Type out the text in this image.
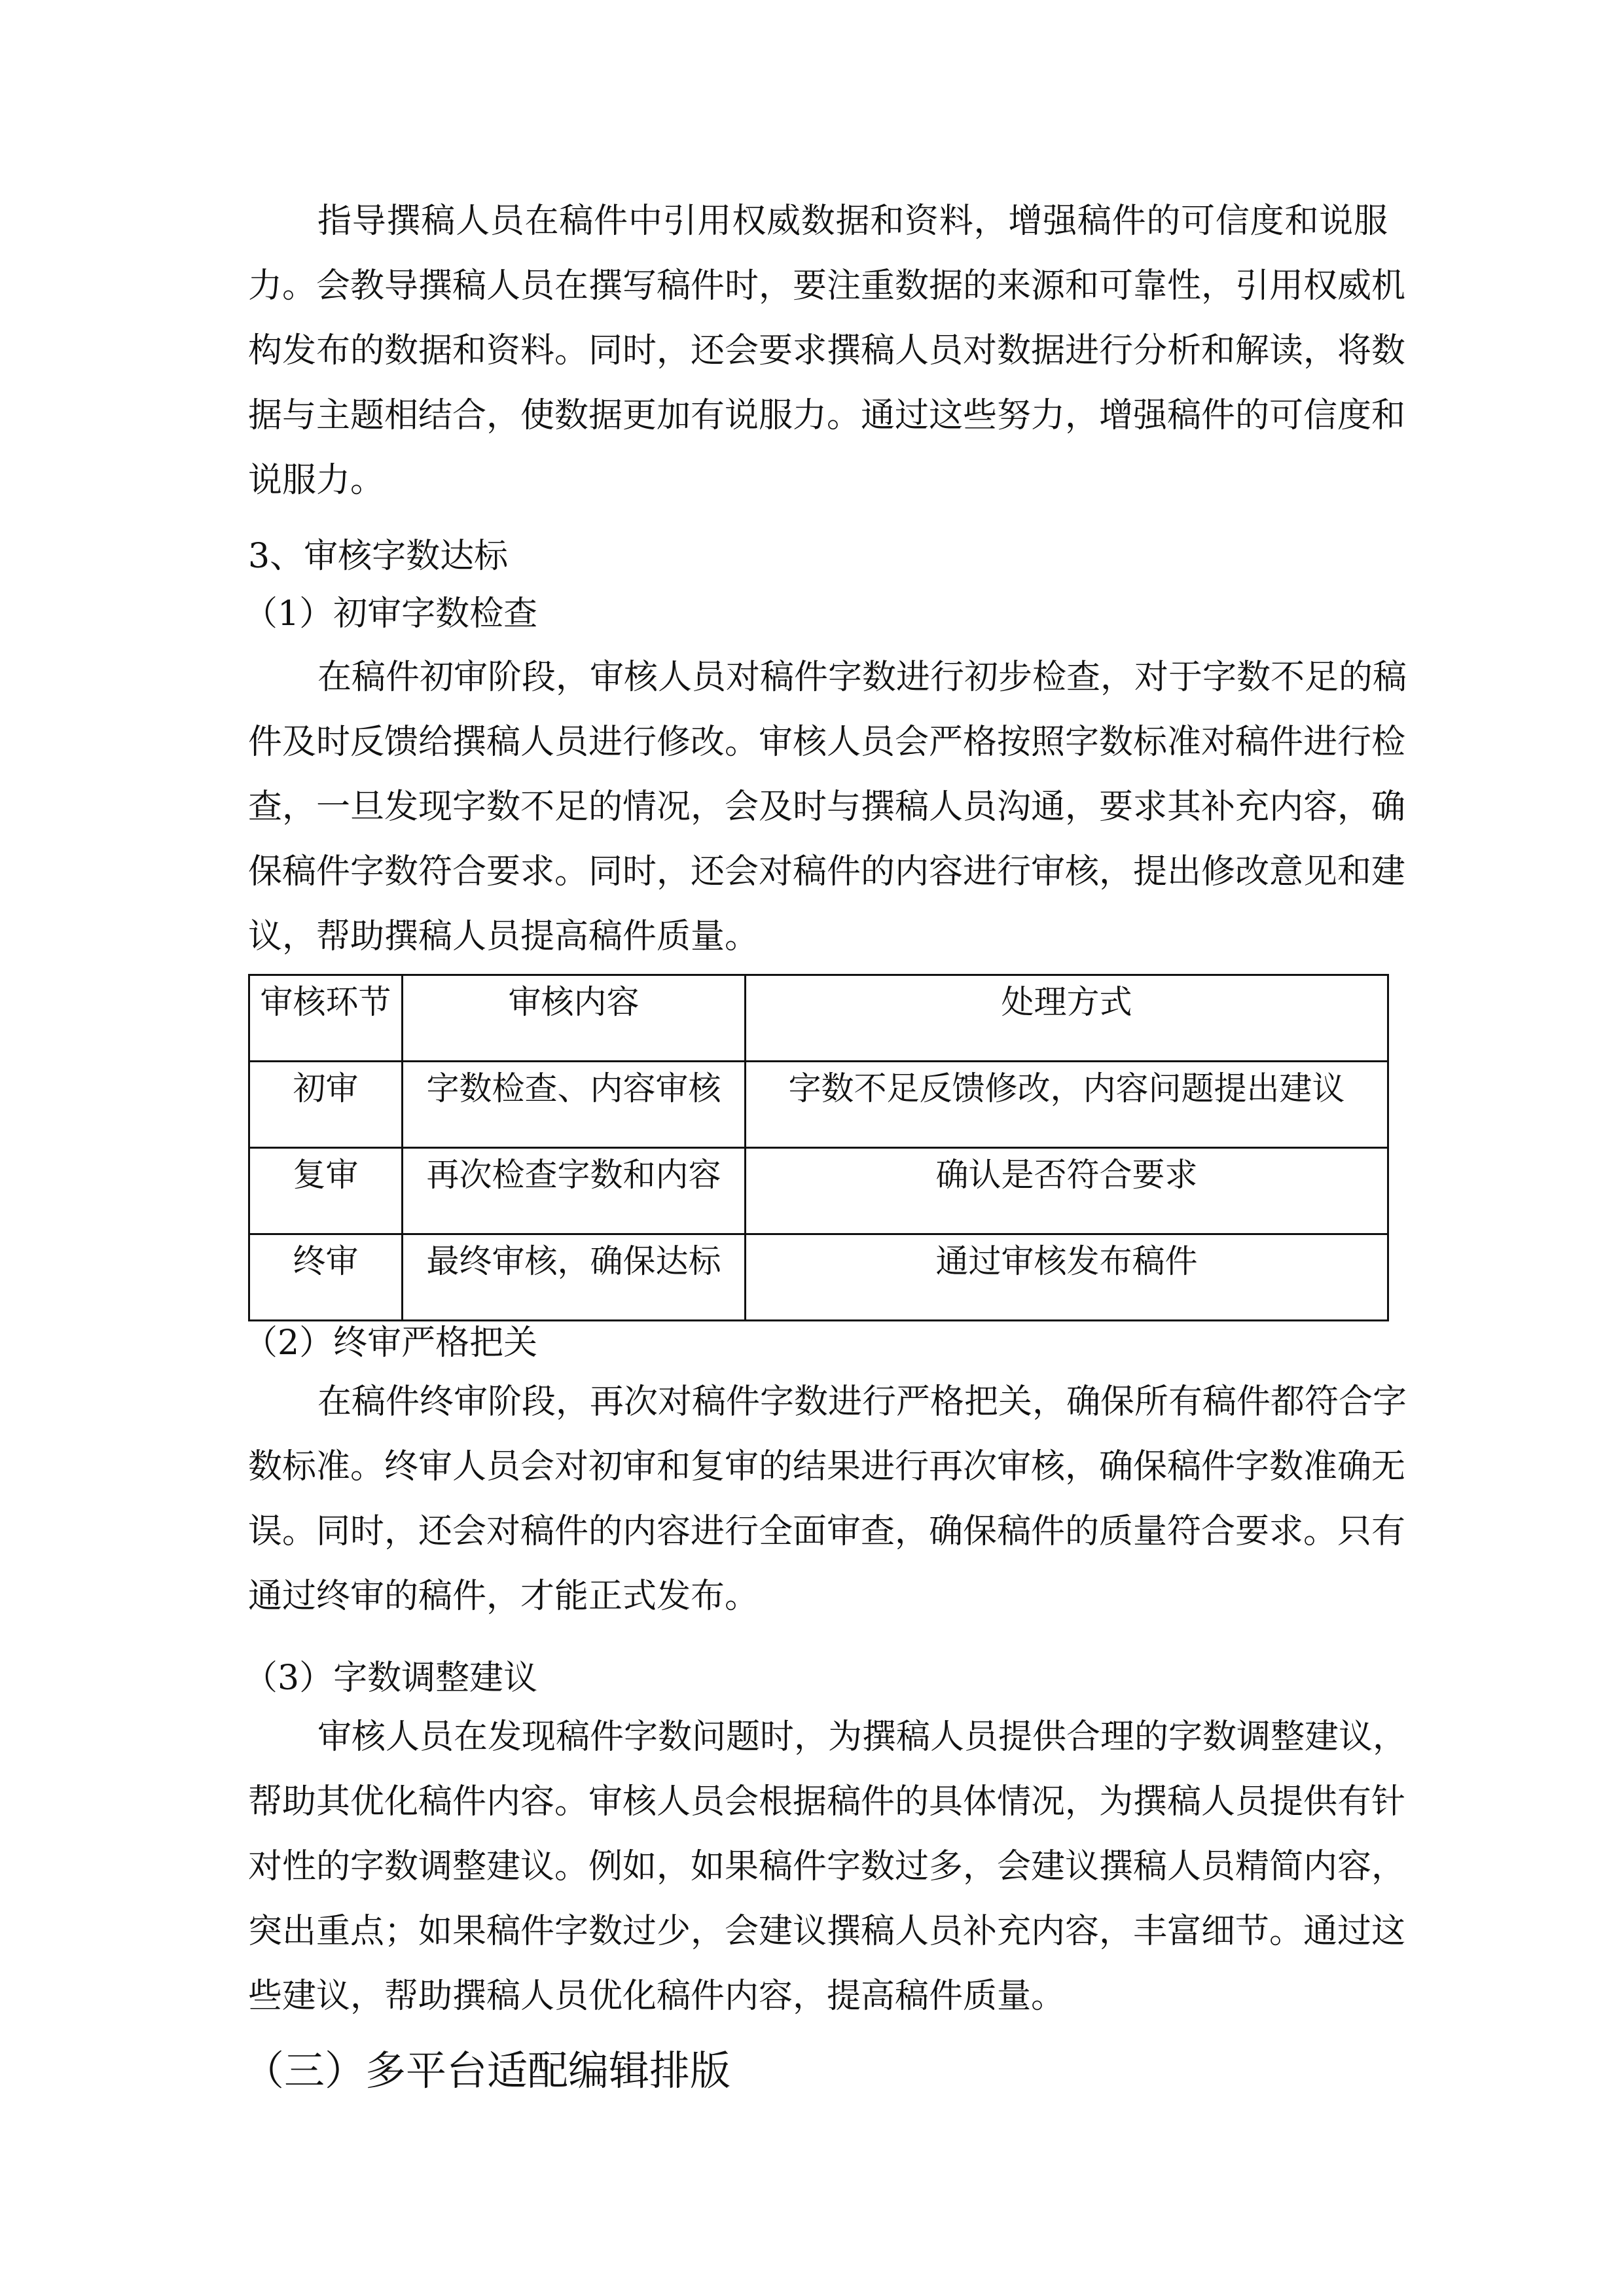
指导撰稿人员在稿件中引用权威数据和资料，增强稿件的可信度和说服
力。会教导撰稿人员在撰写稿件时，要注重数据的来源和可靠性，引用权威机
构发布的数据和资料。同时，还会要求撰稿人员对数据进行分析和解读，将数
据与主题相结合，使数据更加有说服力。通过这些努力，增强稿件的可信度和
说服力。
3、审核字数达标
（1）初审字数检查
在稿件初审阶段，审核人员对稿件字数进行初步检查，对于字数不足的稿
件及时反馈给撰稿人员进行修改。审核人员会严格按照字数标准对稿件进行检
查，一旦发现字数不足的情况，会及时与撰稿人员沟通，要求其补充内容，确
保稿件字数符合要求。同时，还会对稿件的内容进行审核，提出修改意见和建
议，帮助撰稿人员提高稿件质量。
审核环节	审核内容	处理方式
初审	字数检查、内容审核	字数不足反馈修改，内容问题提出建议
复审	再次检查字数和内容	确认是否符合要求
终审	最终审核，确保达标	通过审核发布稿件
（2）终审严格把关
在稿件终审阶段，再次对稿件字数进行严格把关，确保所有稿件都符合字
数标准。终审人员会对初审和复审的结果进行再次审核，确保稿件字数准确无
误。同时，还会对稿件的内容进行全面审查，确保稿件的质量符合要求。只有
通过终审的稿件，才能正式发布。
（3）字数调整建议
审核人员在发现稿件字数问题时，为撰稿人员提供合理的字数调整建议，
帮助其优化稿件内容。审核人员会根据稿件的具体情况，为撰稿人员提供有针
对性的字数调整建议。例如，如果稿件字数过多，会建议撰稿人员精简内容，
突出重点；如果稿件字数过少，会建议撰稿人员补充内容，丰富细节。通过这
些建议，帮助撰稿人员优化稿件内容，提高稿件质量。
（三）多平台适配编辑排版
